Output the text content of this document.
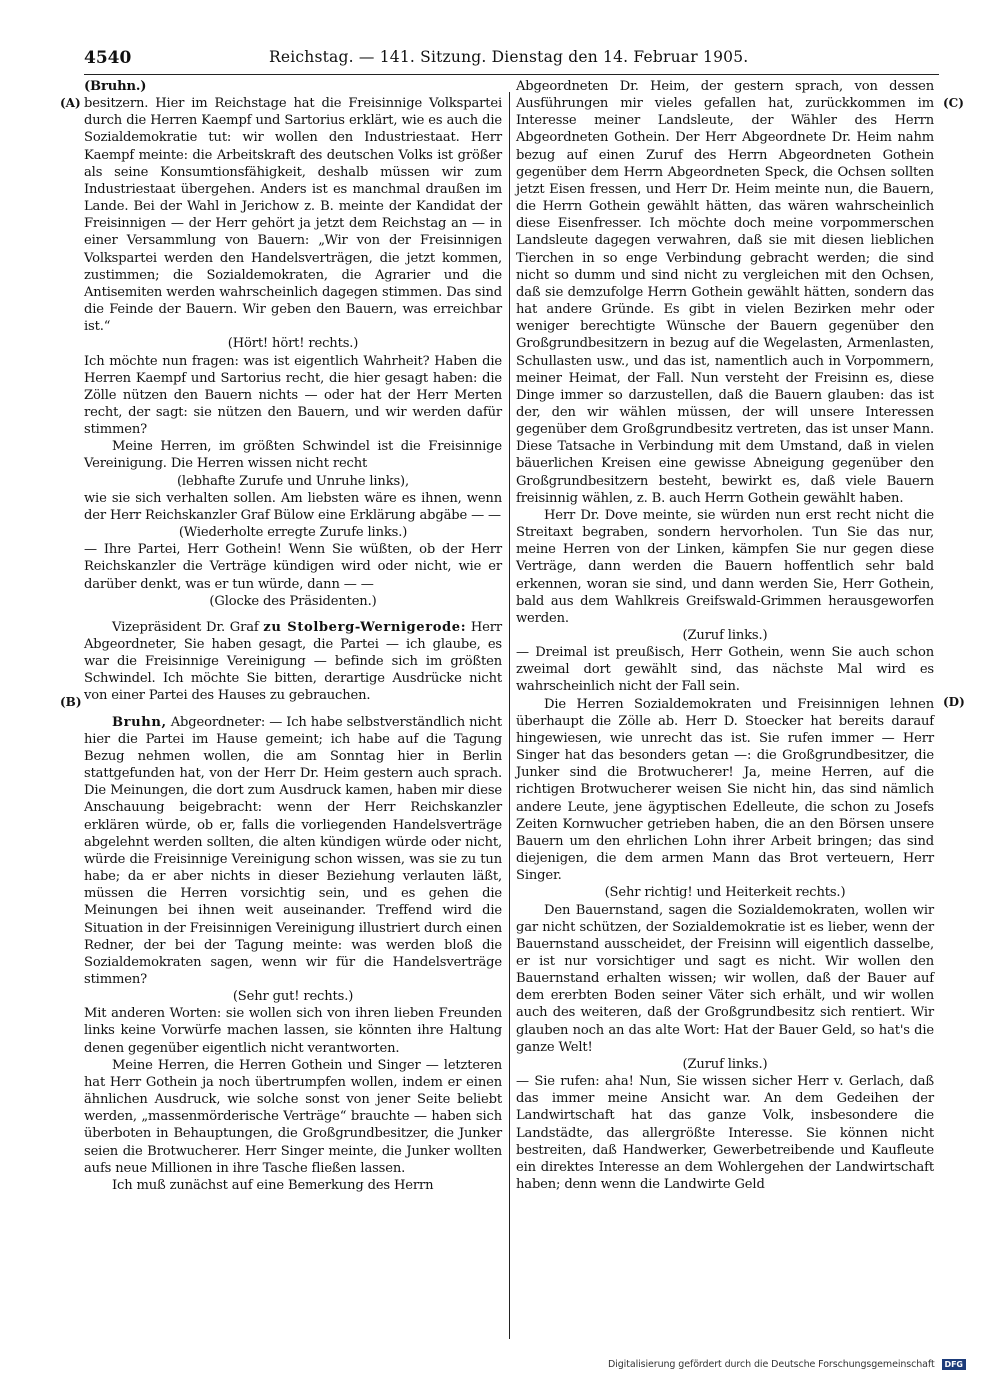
4540	Reichstag. — 141. Sitzung. Dienstag den 14. Februar 1905.
(A)
(B)
(C)
(D)

(Bruhn.)

besitzern. Hier im Reichstage hat die Freisinnige Volkspartei durch die Herren Kaempf und Sartorius erklärt, wie es auch die Sozialdemokratie tut: wir wollen den Industriestaat. Herr Kaempf meinte: die Arbeitskraft des deutschen Volks ist größer als seine Konsumtionsfähigkeit, deshalb müssen wir zum Industriestaat übergehen. Anders ist es manchmal draußen im Lande. Bei der Wahl in Jerichow z. B. meinte der Kandidat der Freisinnigen — der Herr gehört ja jetzt dem Reichstag an — in einer Versammlung von Bauern: „Wir von der Freisinnigen Volkspartei werden den Handelsverträgen, die jetzt kommen, zustimmen; die Sozialdemokraten, die Agrarier und die Antisemiten werden wahrscheinlich dagegen stimmen. Das sind die Feinde der Bauern. Wir geben den Bauern, was erreichbar ist.“

(Hört! hört! rechts.)

Ich möchte nun fragen: was ist eigentlich Wahrheit? Haben die Herren Kaempf und Sartorius recht, die hier gesagt haben: die Zölle nützen den Bauern nichts — oder hat der Herr Merten recht, der sagt: sie nützen den Bauern, und wir werden dafür stimmen?

Meine Herren, im größten Schwindel ist die Freisinnige Vereinigung. Die Herren wissen nicht recht

(lebhafte Zurufe und Unruhe links),

wie sie sich verhalten sollen. Am liebsten wäre es ihnen, wenn der Herr Reichskanzler Graf Bülow eine Erklärung abgäbe — —

(Wiederholte erregte Zurufe links.)

— Ihre Partei, Herr Gothein! Wenn Sie wüßten, ob der Herr Reichskanzler die Verträge kündigen wird oder nicht, wie er darüber denkt, was er tun würde, dann — —

(Glocke des Präsidenten.)

Vizepräsident Dr. Graf zu Stolberg-Wernigerode: Herr Abgeordneter, Sie haben gesagt, die Partei — ich glaube, es war die Freisinnige Vereinigung — befinde sich im größten Schwindel. Ich möchte Sie bitten, derartige Ausdrücke nicht von einer Partei des Hauses zu gebrauchen.

Bruhn, Abgeordneter: — Ich habe selbstverständlich nicht hier die Partei im Hause gemeint; ich habe auf die Tagung Bezug nehmen wollen, die am Sonntag hier in Berlin stattgefunden hat, von der Herr Dr. Heim gestern auch sprach. Die Meinungen, die dort zum Ausdruck kamen, haben mir diese Anschauung beigebracht: wenn der Herr Reichskanzler erklären würde, ob er, falls die vorliegenden Handelsverträge abgelehnt werden sollten, die alten kündigen würde oder nicht, würde die Freisinnige Vereinigung schon wissen, was sie zu tun habe; da er aber nichts in dieser Beziehung verlauten läßt, müssen die Herren vorsichtig sein, und es gehen die Meinungen bei ihnen weit auseinander. Treffend wird die Situation in der Freisinnigen Vereinigung illustriert durch einen Redner, der bei der Tagung meinte: was werden bloß die Sozialdemokraten sagen, wenn wir für die Handelsverträge stimmen?

(Sehr gut! rechts.)

Mit anderen Worten: sie wollen sich von ihren lieben Freunden links keine Vorwürfe machen lassen, sie könnten ihre Haltung denen gegenüber eigentlich nicht verantworten.

Meine Herren, die Herren Gothein und Singer — letzteren hat Herr Gothein ja noch übertrumpfen wollen, indem er einen ähnlichen Ausdruck, wie solche sonst von jener Seite beliebt werden, „massenmörderische Verträge“ brauchte — haben sich überboten in Behauptungen, die Großgrundbesitzer, die Junker seien die Brotwucherer. Herr Singer meinte, die Junker wollten aufs neue Millionen in ihre Tasche fließen lassen.

Ich muß zunächst auf eine Bemerkung des Herrn

Abgeordneten Dr. Heim, der gestern sprach, von dessen Ausführungen mir vieles gefallen hat, zurückkommen im Interesse meiner Landsleute, der Wähler des Herrn Abgeordneten Gothein. Der Herr Abgeordnete Dr. Heim nahm bezug auf einen Zuruf des Herrn Abgeordneten Gothein gegenüber dem Herrn Abgeordneten Speck, die Ochsen sollten jetzt Eisen fressen, und Herr Dr. Heim meinte nun, die Bauern, die Herrn Gothein gewählt hätten, das wären wahrscheinlich diese Eisenfresser. Ich möchte doch meine vorpommerschen Landsleute dagegen verwahren, daß sie mit diesen lieblichen Tierchen in so enge Verbindung gebracht werden; die sind nicht so dumm und sind nicht zu vergleichen mit den Ochsen, daß sie demzufolge Herrn Gothein gewählt hätten, sondern das hat andere Gründe. Es gibt in vielen Bezirken mehr oder weniger berechtigte Wünsche der Bauern gegenüber den Großgrundbesitzern in bezug auf die Wegelasten, Armenlasten, Schullasten usw., und das ist, namentlich auch in Vorpommern, meiner Heimat, der Fall. Nun versteht der Freisinn es, diese Dinge immer so darzustellen, daß die Bauern glauben: das ist der, den wir wählen müssen, der will unsere Interessen gegenüber dem Großgrundbesitz vertreten, das ist unser Mann. Diese Tatsache in Verbindung mit dem Umstand, daß in vielen bäuerlichen Kreisen eine gewisse Abneigung gegenüber den Großgrundbesitzern besteht, bewirkt es, daß viele Bauern freisinnig wählen, z. B. auch Herrn Gothein gewählt haben.

Herr Dr. Dove meinte, sie würden nun erst recht nicht die Streitaxt begraben, sondern hervorholen. Tun Sie das nur, meine Herren von der Linken, kämpfen Sie nur gegen diese Verträge, dann werden die Bauern hoffentlich sehr bald erkennen, woran sie sind, und dann werden Sie, Herr Gothein, bald aus dem Wahlkreis Greifswald-Grimmen herausgeworfen werden.

(Zuruf links.)

— Dreimal ist preußisch, Herr Gothein, wenn Sie auch schon zweimal dort gewählt sind, das nächste Mal wird es wahrscheinlich nicht der Fall sein.

Die Herren Sozialdemokraten und Freisinnigen lehnen überhaupt die Zölle ab. Herr D. Stoecker hat bereits darauf hingewiesen, wie unrecht das ist. Sie rufen immer — Herr Singer hat das besonders getan —: die Großgrundbesitzer, die Junker sind die Brotwucherer! Ja, meine Herren, auf die richtigen Brotwucherer weisen Sie nicht hin, das sind nämlich andere Leute, jene ägyptischen Edelleute, die schon zu Josefs Zeiten Kornwucher getrieben haben, die an den Börsen unsere Bauern um den ehrlichen Lohn ihrer Arbeit bringen; das sind diejenigen, die dem armen Mann das Brot verteuern, Herr Singer.

(Sehr richtig! und Heiterkeit rechts.)

Den Bauernstand, sagen die Sozialdemokraten, wollen wir gar nicht schützen, der Sozialdemokratie ist es lieber, wenn der Bauernstand ausscheidet, der Freisinn will eigentlich dasselbe, er ist nur vorsichtiger und sagt es nicht. Wir wollen den Bauernstand erhalten wissen; wir wollen, daß der Bauer auf dem ererbten Boden seiner Väter sich erhält, und wir wollen auch des weiteren, daß der Großgrundbesitz sich rentiert. Wir glauben noch an das alte Wort: Hat der Bauer Geld, so hat's die ganze Welt!

(Zuruf links.)

— Sie rufen: aha! Nun, Sie wissen sicher Herr v. Gerlach, daß das immer meine Ansicht war. An dem Gedeihen der Landwirtschaft hat das ganze Volk, insbesondere die Landstädte, das allergrößte Interesse. Sie können nicht bestreiten, daß Handwerker, Gewerbetreibende und Kaufleute ein direktes Interesse an dem Wohlergehen der Landwirtschaft haben; denn wenn die Landwirte Geld

Digitalisierung gefördert durch die Deutsche Forschungsgemeinschaft DFG
